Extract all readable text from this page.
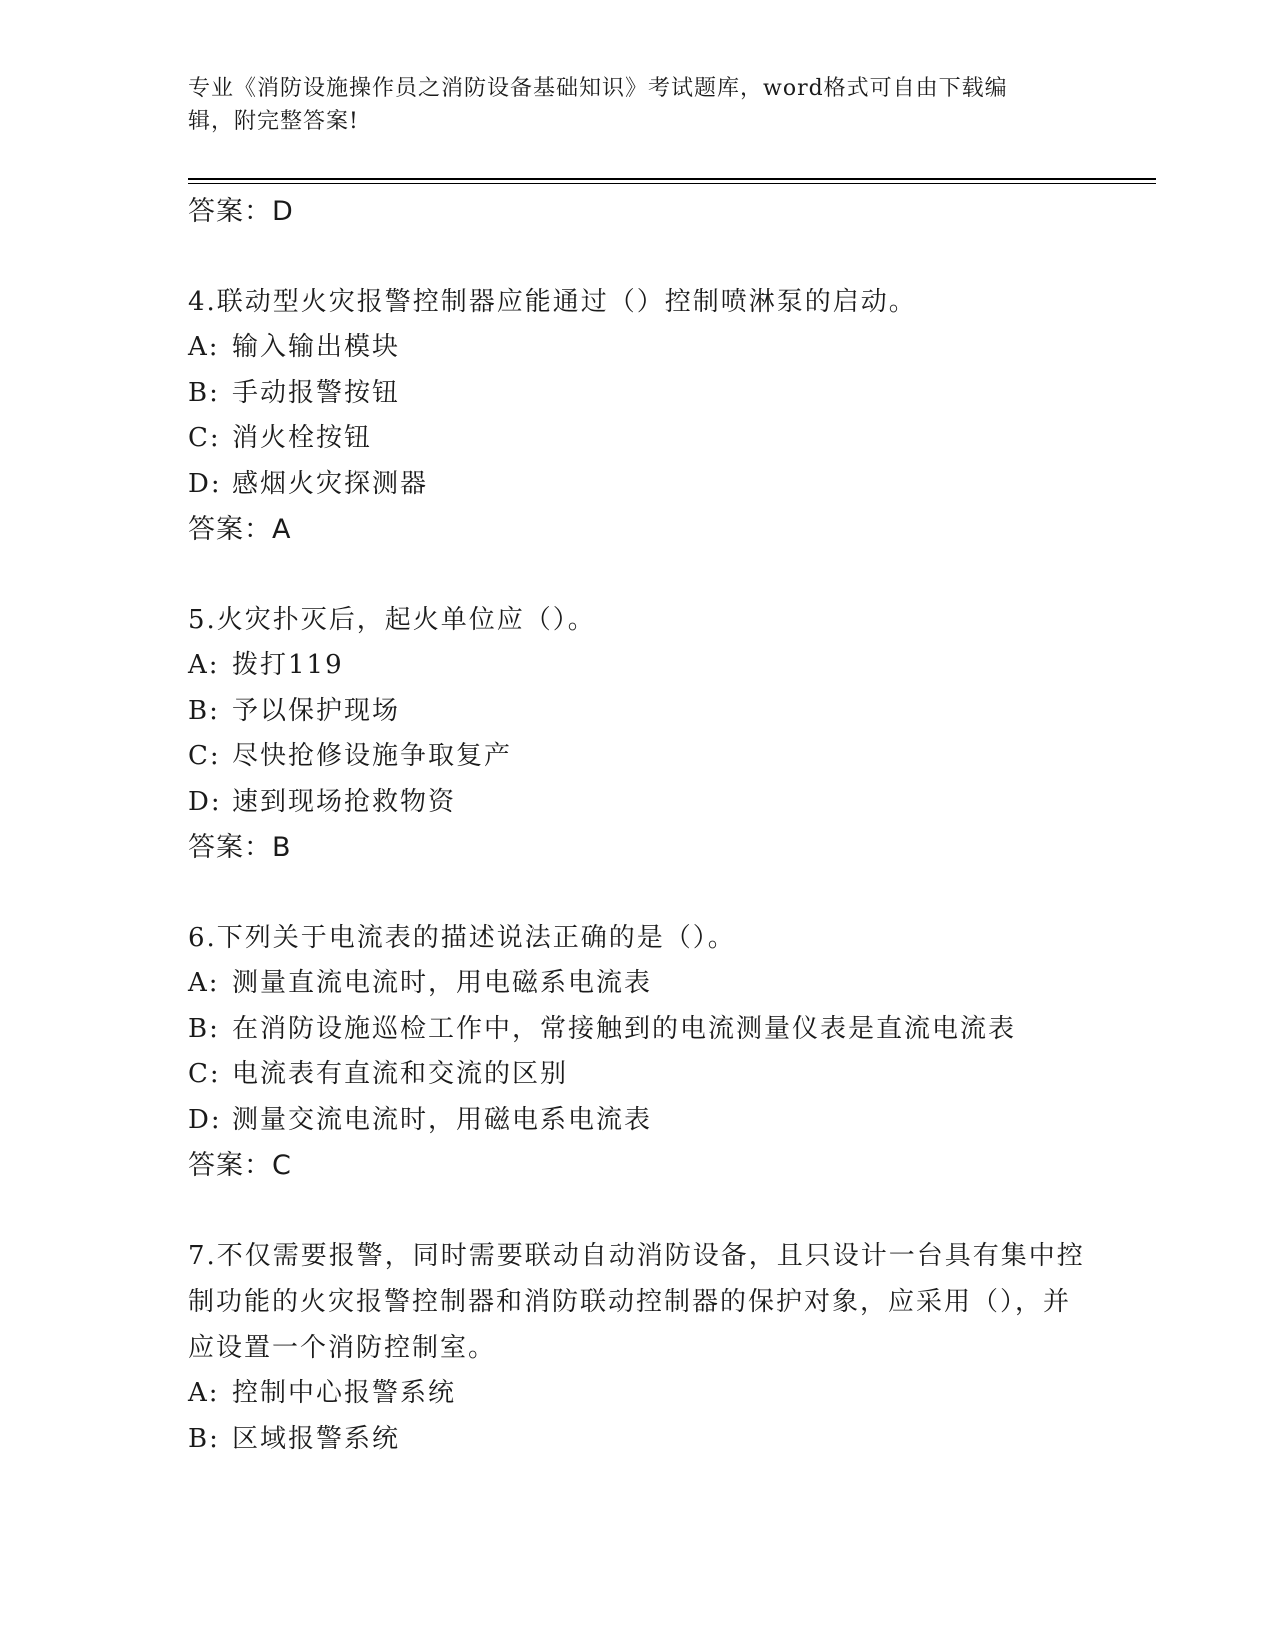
专业《消防设施操作员之消防设备基础知识》考试题库，word格式可自由下载编
辑，附完整答案!
答案：D
4.联动型火灾报警控制器应能通过（）控制喷淋泵的启动。
A: 输入输出模块
B: 手动报警按钮
C: 消火栓按钮
D: 感烟火灾探测器
答案：A
5.火灾扑灭后，起火单位应（）。
A: 拨打119
B: 予以保护现场
C: 尽快抢修设施争取复产
D: 速到现场抢救物资
答案：B
6.下列关于电流表的描述说法正确的是（）。
A: 测量直流电流时，用电磁系电流表
B: 在消防设施巡检工作中，常接触到的电流测量仪表是直流电流表
C: 电流表有直流和交流的区别
D: 测量交流电流时，用磁电系电流表
答案：C
7.不仅需要报警，同时需要联动自动消防设备，且只设计一台具有集中控制功能的火灾报警控制器和消防联动控制器的保护对象，应采用（），并应设置一个消防控制室。
A: 控制中心报警系统
B: 区域报警系统
